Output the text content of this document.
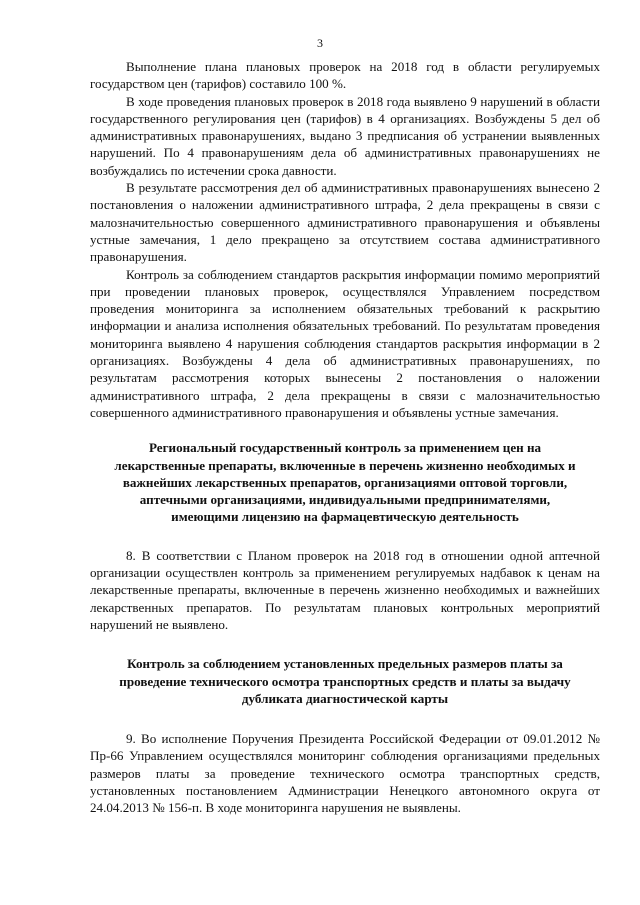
3

Выполнение плана плановых проверок на 2018 год в области регулируемых государством цен (тарифов) составило 100 %.

В ходе проведения плановых проверок в 2018 года выявлено 9 нарушений в области государственного регулирования цен (тарифов) в 4 организациях. Возбуждены 5 дел об административных правонарушениях, выдано 3 предписания об устранении выявленных нарушений. По 4 правонарушениям дела об административных правонарушениях не возбуждались по истечении срока давности.

В результате рассмотрения дел об административных правонарушениях вынесено 2 постановления о наложении административного штрафа, 2 дела прекращены в связи с малозначительностью совершенного административного правонарушения и объявлены устные замечания, 1 дело прекращено за отсутствием состава административного правонарушения.

Контроль за соблюдением стандартов раскрытия информации помимо мероприятий при проведении плановых проверок, осуществлялся Управлением посредством проведения мониторинга за исполнением обязательных требований к раскрытию информации и анализа исполнения обязательных требований. По результатам проведения мониторинга выявлено 4 нарушения соблюдения стандартов раскрытия информации в 2 организациях. Возбуждены 4 дела об административных правонарушениях, по результатам рассмотрения которых вынесены 2 постановления о наложении административного штрафа, 2 дела прекращены в связи с малозначительностью совершенного административного правонарушения и объявлены устные замечания.

Региональный государственный контроль за применением цен на лекарственные препараты, включенные в перечень жизненно необходимых и важнейших лекарственных препаратов, организациями оптовой торговли, аптечными организациями, индивидуальными предпринимателями, имеющими лицензию на фармацевтическую деятельность

8. В соответствии с Планом проверок на 2018 год в отношении одной аптечной организации осуществлен контроль за применением регулируемых надбавок к ценам на лекарственные препараты, включенные в перечень жизненно необходимых и важнейших лекарственных препаратов. По результатам плановых контрольных мероприятий нарушений не выявлено.

Контроль за соблюдением установленных предельных размеров платы за проведение технического осмотра транспортных средств и платы за выдачу дубликата диагностической карты

9. Во исполнение Поручения Президента Российской Федерации от 09.01.2012 № Пр-66 Управлением осуществлялся мониторинг соблюдения организациями предельных размеров платы за проведение технического осмотра транспортных средств, установленных постановлением Администрации Ненецкого автономного округа от 24.04.2013 № 156-п. В ходе мониторинга нарушения не выявлены.
